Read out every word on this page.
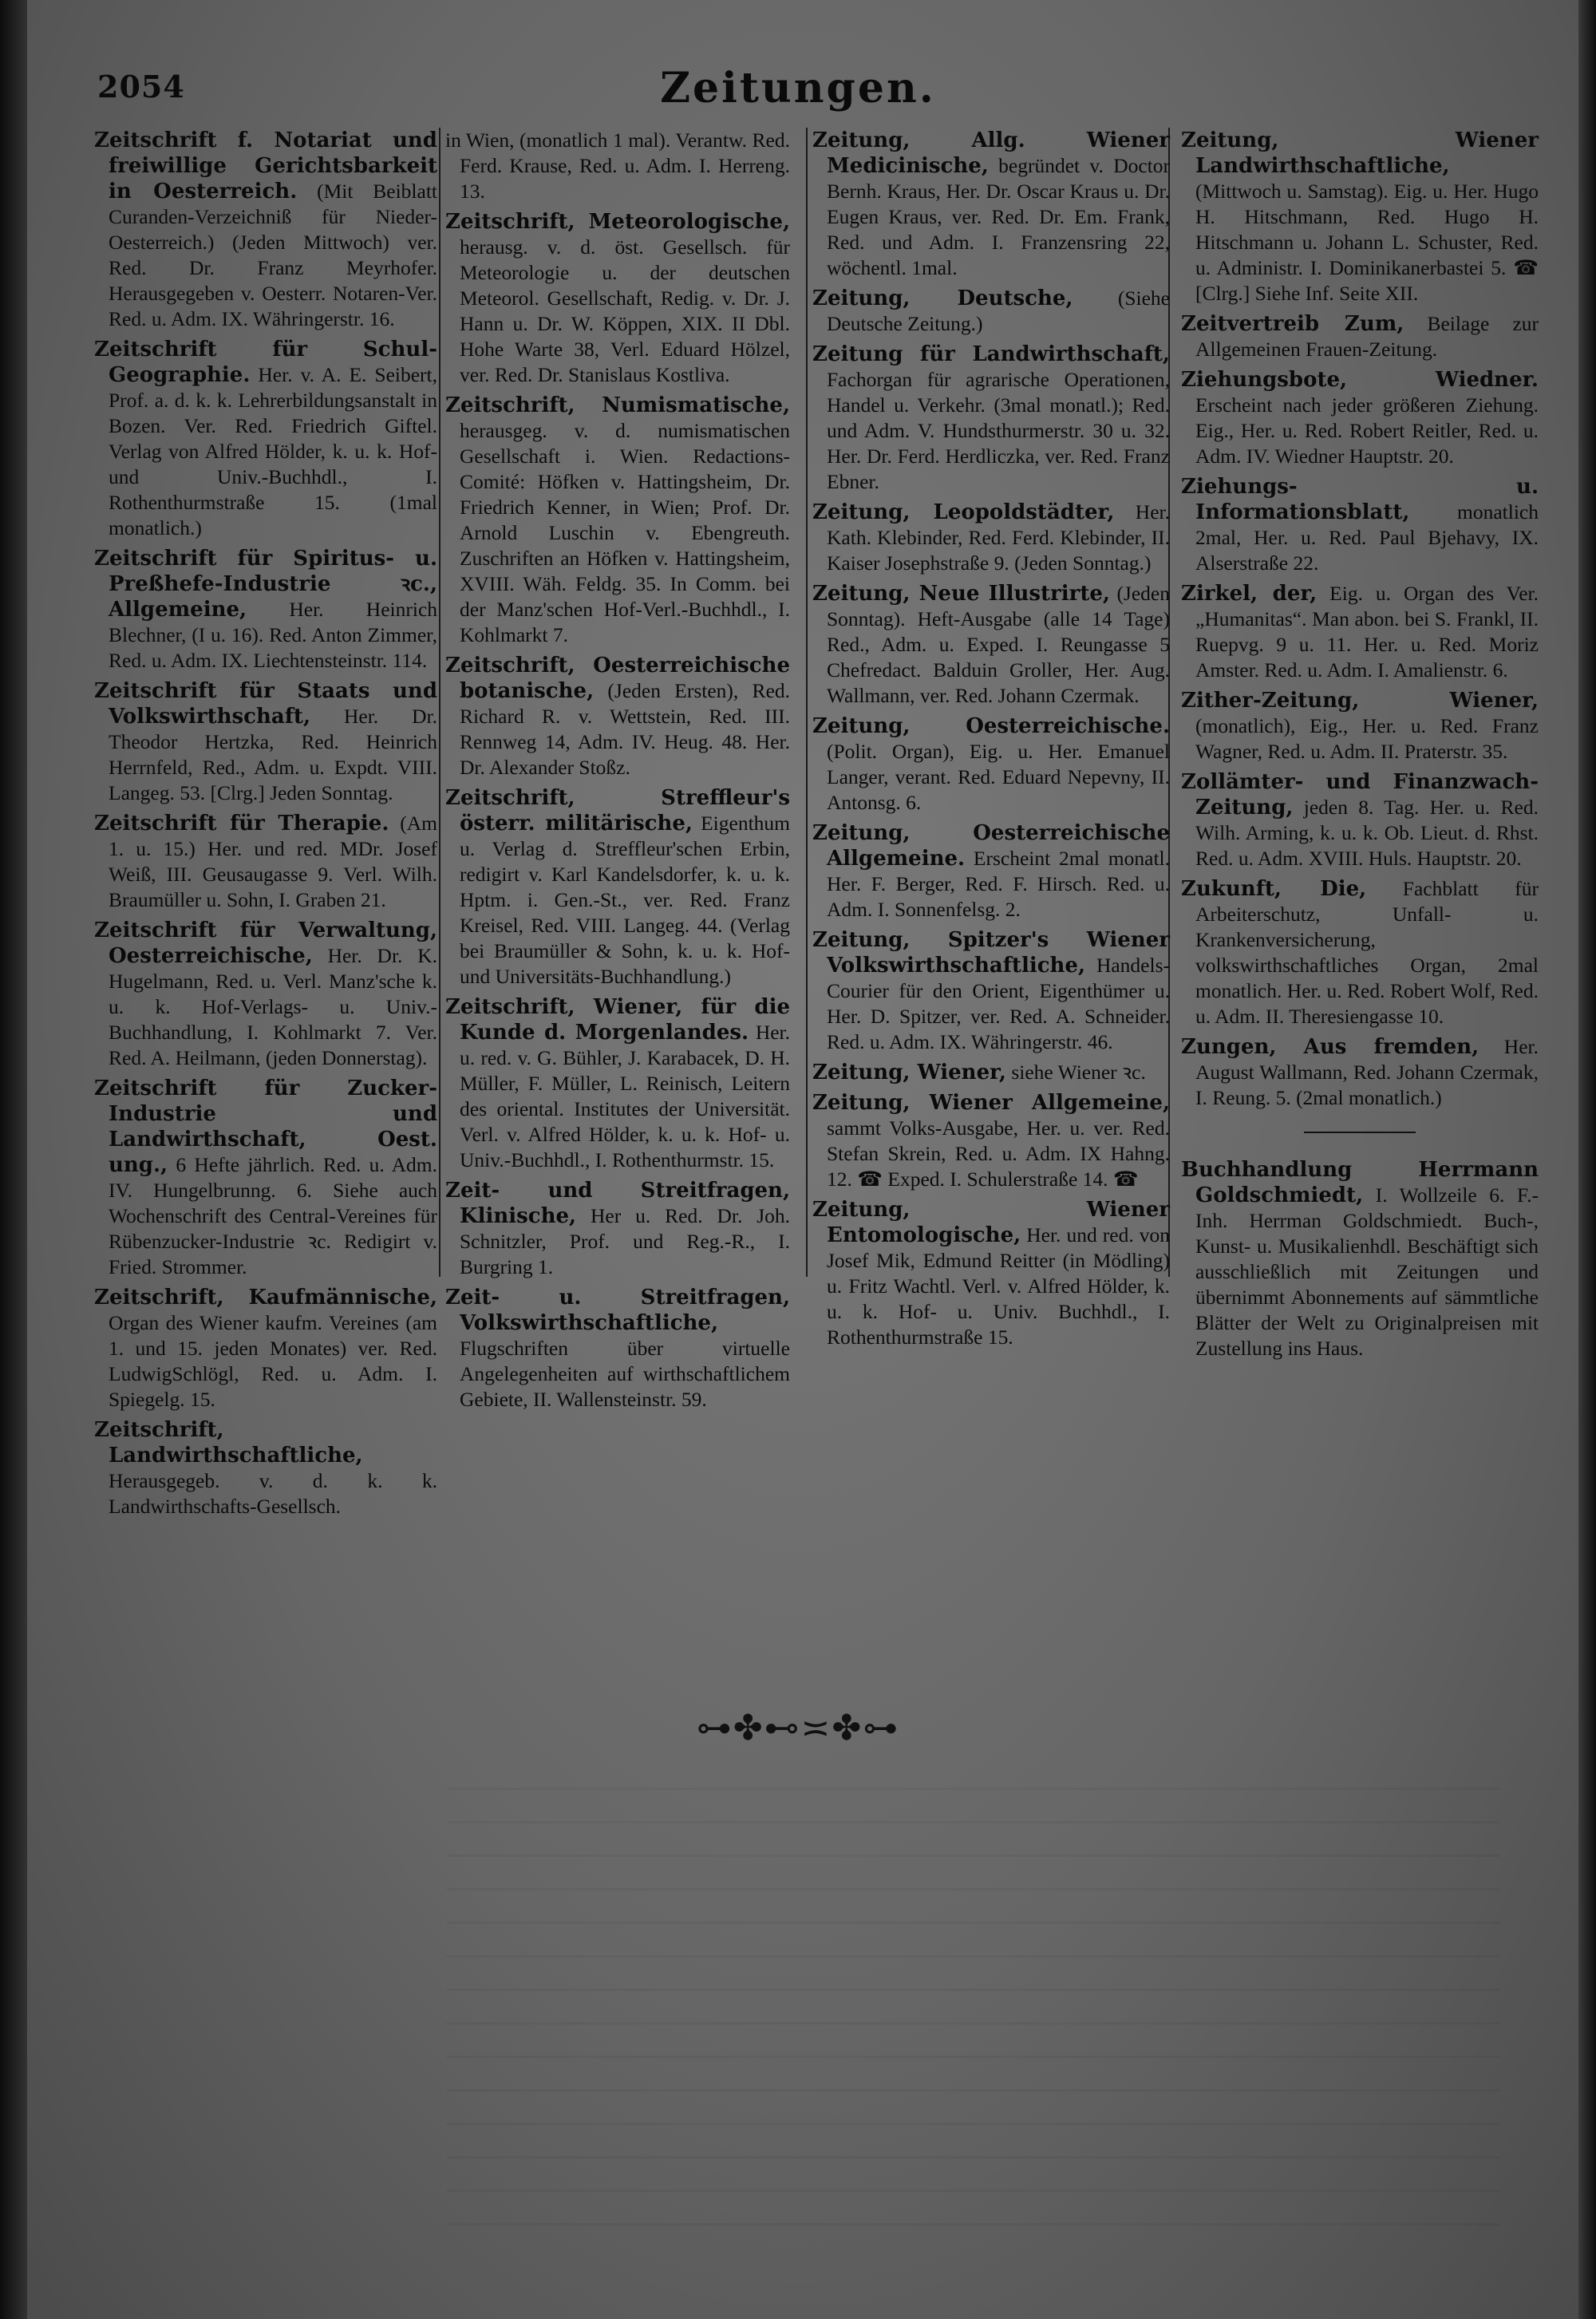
2054	Zeitungen.

Zeitschrift f. Notariat und freiwillige Gerichtsbarkeit in Oesterreich. (Mit Beiblatt Curanden-Verzeichniß für Nieder-Oesterreich.) (Jeden Mittwoch) ver. Red. Dr. Franz Meyrhofer. Herausgegeben v. Oesterr. Notaren-Ver. Red. u. Adm. IX. Währingerstr. 16.

Zeitschrift für Schul-Geographie. Her. v. A. E. Seibert, Prof. a. d. k. k. Lehrerbildungsanstalt in Bozen. Ver. Red. Friedrich Giftel. Verlag von Alfred Hölder, k. u. k. Hof- und Univ.-Buchhdl., I. Rothenthurmstraße 15. (1mal monatlich.)

Zeitschrift für Spiritus- u. Preßhefe-Industrie ꝛc., Allgemeine, Her. Heinrich Blechner, (I u. 16). Red. Anton Zimmer, Red. u. Adm. IX. Liechtensteinstr. 114.

Zeitschrift für Staats und Volkswirthschaft, Her. Dr. Theodor Hertzka, Red. Heinrich Herrnfeld, Red., Adm. u. Expdt. VIII. Langeg. 53. [Clrg.] Jeden Sonntag.

Zeitschrift für Therapie. (Am 1. u. 15.) Her. und red. MDr. Josef Weiß, III. Geusaugasse 9. Verl. Wilh. Braumüller u. Sohn, I. Graben 21.

Zeitschrift für Verwaltung, Oesterreichische, Her. Dr. K. Hugelmann, Red. u. Verl. Manz'sche k. u. k. Hof-Verlags- u. Univ.-Buchhandlung, I. Kohlmarkt 7. Ver. Red. A. Heilmann, (jeden Donnerstag).

Zeitschrift für Zucker-Industrie und Landwirthschaft, Oest. ung., 6 Hefte jährlich. Red. u. Adm. IV. Hungelbrunng. 6. Siehe auch Wochenschrift des Central-Vereines für Rübenzucker-Industrie ꝛc. Redigirt v. Fried. Strommer.

Zeitschrift, Kaufmännische, Organ des Wiener kaufm. Vereines (am 1. und 15. jeden Monates) ver. Red. LudwigSchlögl, Red. u. Adm. I. Spiegelg. 15.

Zeitschrift, Landwirthschaftliche, Herausgegeb. v. d. k. k. Landwirthschafts-Gesellsch.

in Wien, (monatlich 1 mal). Verantw. Red. Ferd. Krause, Red. u. Adm. I. Herreng. 13.

Zeitschrift, Meteorologische, herausg. v. d. öst. Gesellsch. für Meteorologie u. der deutschen Meteorol. Gesellschaft, Redig. v. Dr. J. Hann u. Dr. W. Köppen, XIX. II Dbl. Hohe Warte 38, Verl. Eduard Hölzel, ver. Red. Dr. Stanislaus Kostliva.

Zeitschrift, Numismatische, herausgeg. v. d. numismatischen Gesellschaft i. Wien. Redactions-Comité: Höfken v. Hattingsheim, Dr. Friedrich Kenner, in Wien; Prof. Dr. Arnold Luschin v. Ebengreuth. Zuschriften an Höfken v. Hattingsheim, XVIII. Wäh. Feldg. 35. In Comm. bei der Manz'schen Hof-Verl.-Buchhdl., I. Kohlmarkt 7.

Zeitschrift, Oesterreichische botanische, (Jeden Ersten), Red. Richard R. v. Wettstein, Red. III. Rennweg 14, Adm. IV. Heug. 48. Her. Dr. Alexander Stoßz.

Zeitschrift, Streffleur's österr. militärische, Eigenthum u. Verlag d. Streffleur'schen Erbin, redigirt v. Karl Kandelsdorfer, k. u. k. Hptm. i. Gen.-St., ver. Red. Franz Kreisel, Red. VIII. Langeg. 44. (Verlag bei Braumüller & Sohn, k. u. k. Hof- und Universitäts-Buchhandlung.)

Zeitschrift, Wiener, für die Kunde d. Morgenlandes. Her. u. red. v. G. Bühler, J. Karabacek, D. H. Müller, F. Müller, L. Reinisch, Leitern des oriental. Institutes der Universität. Verl. v. Alfred Hölder, k. u. k. Hof- u. Univ.-Buchhdl., I. Rothenthurmstr. 15.

Zeit- und Streitfragen, Klinische, Her u. Red. Dr. Joh. Schnitzler, Prof. und Reg.-R., I. Burgring 1.

Zeit- u. Streitfragen, Volkswirthschaftliche, Flugschriften über virtuelle Angelegenheiten auf wirthschaftlichem Gebiete, II. Wallensteinstr. 59.

Zeitung, Allg. Wiener Medicinische, begründet v. Doctor Bernh. Kraus, Her. Dr. Oscar Kraus u. Dr. Eugen Kraus, ver. Red. Dr. Em. Frank, Red. und Adm. I. Franzensring 22, wöchentl. 1mal.

Zeitung, Deutsche, (Siehe Deutsche Zeitung.)

Zeitung für Landwirthschaft, Fachorgan für agrarische Operationen, Handel u. Verkehr. (3mal monatl.); Red. und Adm. V. Hundsthurmerstr. 30 u. 32. Her. Dr. Ferd. Herdliczka, ver. Red. Franz Ebner.

Zeitung, Leopoldstädter, Her. Kath. Klebinder, Red. Ferd. Klebinder, II. Kaiser Josephstraße 9. (Jeden Sonntag.)

Zeitung, Neue Illustrirte, (Jeden Sonntag). Heft-Ausgabe (alle 14 Tage) Red., Adm. u. Exped. I. Reungasse 5 Chefredact. Balduin Groller, Her. Aug. Wallmann, ver. Red. Johann Czermak.

Zeitung, Oesterreichische. (Polit. Organ), Eig. u. Her. Emanuel Langer, verant. Red. Eduard Nepevny, II. Antonsg. 6.

Zeitung, Oesterreichische Allgemeine. Erscheint 2mal monatl. Her. F. Berger, Red. F. Hirsch. Red. u. Adm. I. Sonnenfelsg. 2.

Zeitung, Spitzer's Wiener Volkswirthschaftliche, Handels-Courier für den Orient, Eigenthümer u. Her. D. Spitzer, ver. Red. A. Schneider. Red. u. Adm. IX. Währingerstr. 46.

Zeitung, Wiener, siehe Wiener ꝛc.

Zeitung, Wiener Allgemeine, sammt Volks-Ausgabe, Her. u. ver. Red. Stefan Skrein, Red. u. Adm. IX Hahng. 12. ☎ Exped. I. Schulerstraße 14. ☎

Zeitung, Wiener Entomologische, Her. und red. von Josef Mik, Edmund Reitter (in Mödling) u. Fritz Wachtl. Verl. v. Alfred Hölder, k. u. k. Hof- u. Univ. Buchhdl., I. Rothenthurmstraße 15.

Zeitung, Wiener Landwirthschaftliche, (Mittwoch u. Samstag). Eig. u. Her. Hugo H. Hitschmann, Red. Hugo H. Hitschmann u. Johann L. Schuster, Red. u. Administr. I. Dominikanerbastei 5. ☎ [Clrg.] Siehe Inf. Seite XII.

Zeitvertreib Zum, Beilage zur Allgemeinen Frauen-Zeitung.

Ziehungsbote, Wiedner. Erscheint nach jeder größeren Ziehung. Eig., Her. u. Red. Robert Reitler, Red. u. Adm. IV. Wiedner Hauptstr. 20.

Ziehungs- u. Informationsblatt, monatlich 2mal, Her. u. Red. Paul Bjehavy, IX. Alserstraße 22.

Zirkel, der, Eig. u. Organ des Ver. „Humanitas“. Man abon. bei S. Frankl, II. Ruepvg. 9 u. 11. Her. u. Red. Moriz Amster. Red. u. Adm. I. Amalienstr. 6.

Zither-Zeitung, Wiener, (monatlich), Eig., Her. u. Red. Franz Wagner, Red. u. Adm. II. Praterstr. 35.

Zollämter- und Finanzwach-Zeitung, jeden 8. Tag. Her. u. Red. Wilh. Arming, k. u. k. Ob. Lieut. d. Rhst. Red. u. Adm. XVIII. Huls. Hauptstr. 20.

Zukunft, Die, Fachblatt für Arbeiterschutz, Unfall- u. Krankenversicherung, volkswirthschaftliches Organ, 2mal monatlich. Her. u. Red. Robert Wolf, Red. u. Adm. II. Theresiengasse 10.

Zungen, Aus fremden, Her. August Wallmann, Red. Johann Czermak, I. Reung. 5. (2mal monatlich.)

Buchhandlung Herrmann Goldschmiedt, I. Wollzeile 6. F.-Inh. Herrman Goldschmiedt. Buch-, Kunst- u. Musikalienhdl. Beschäftigt sich ausschließlich mit Zeitungen und übernimmt Abonnements auf sämmtliche Blätter der Welt zu Originalpreisen mit Zustellung ins Haus.

⊶✤⊷≍✤⊶
